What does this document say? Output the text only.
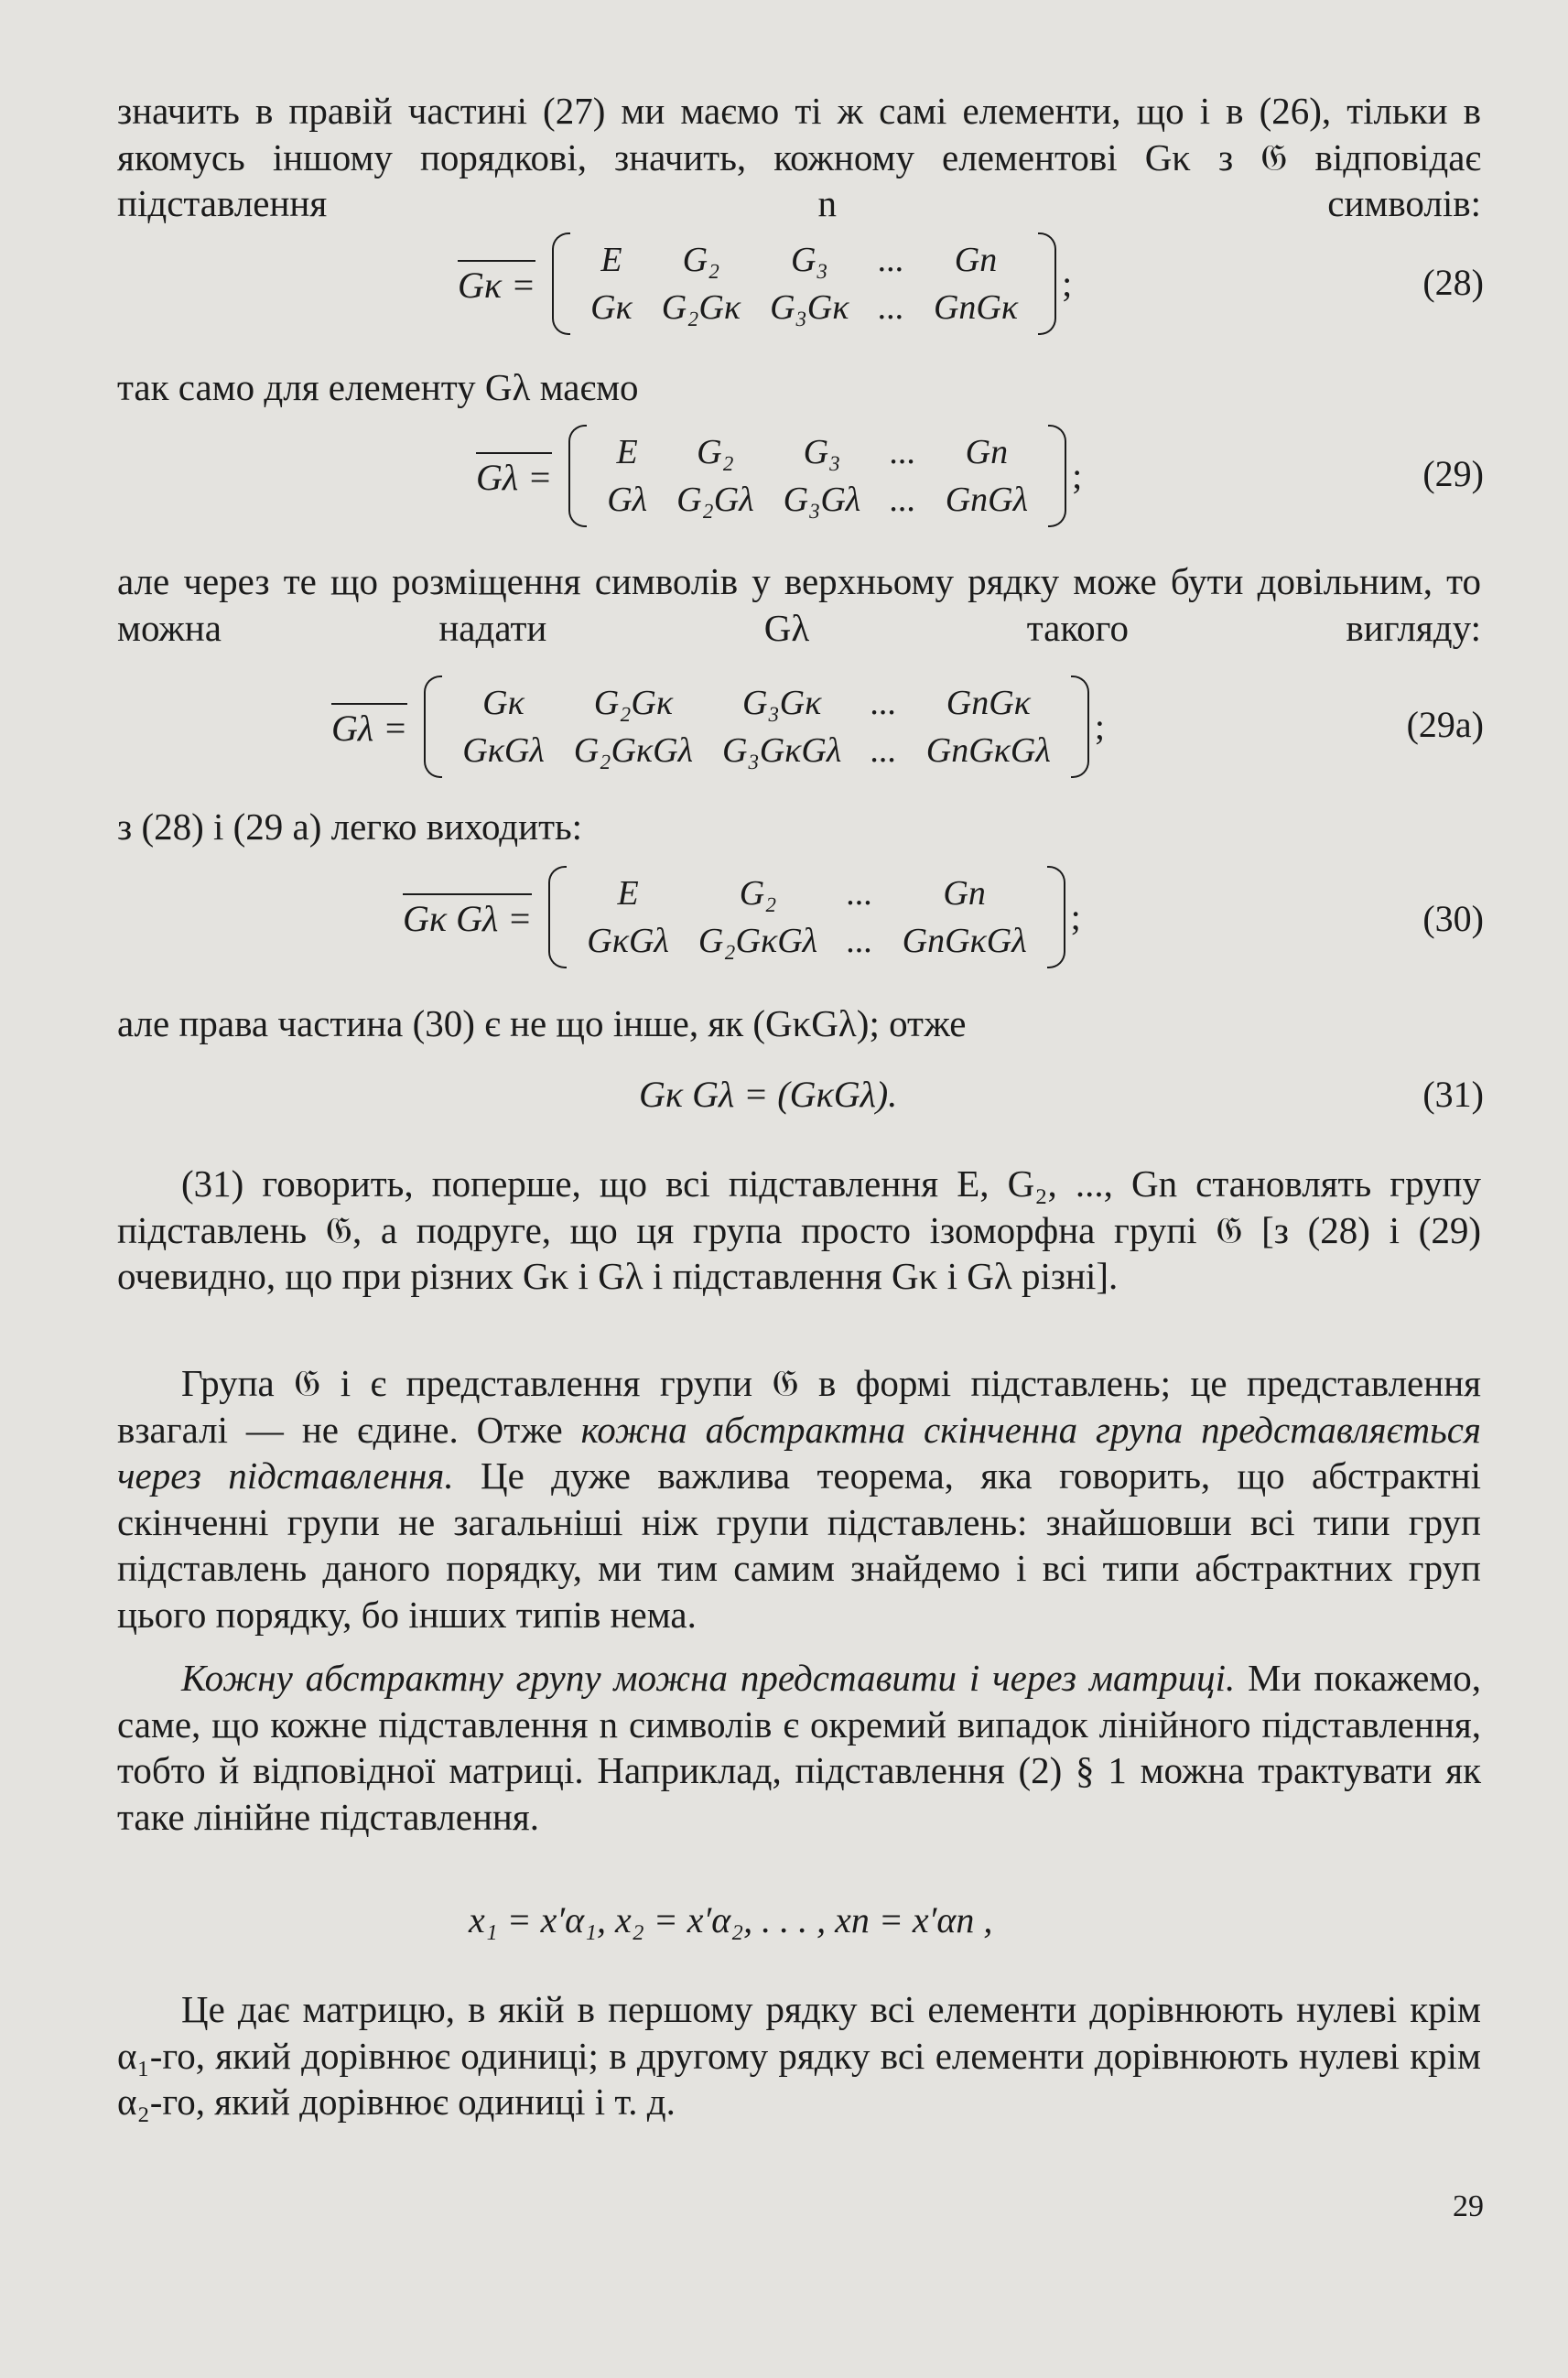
значить в правій частині (27) ми маємо ті ж самі елементи, що і в (26), тільки в якомусь іншому порядкові, значить, кожному елементові Gκ з 𝔊 відповідає підставлення n символів:
Gκ =
E	G₂	G₃	...	Gn
Gκ	G₂Gκ	G₃Gκ	...	GnGκ
;	(28)
так само для елементу Gλ маємо
Gλ =
E	G₂	G₃	...	Gn
Gλ	G₂Gλ	G₃Gλ	...	GnGλ
;	(29)
але через те що розміщення символів у верхньому рядку може бути довільним, то можна надати Gλ такого вигляду:
Gλ =
Gκ	G₂Gκ	G₃Gκ	...	GnGκ
GκGλ	G₂GκGλ	G₃GκGλ	...	GnGκGλ
;	(29а)
з (28) і (29 а) легко виходить:
Gκ Gλ =
E	G₂	...	Gn
GκGλ	G₂GκGλ	...	GnGκGλ
;	(30)
але права частина (30) є не що інше, як (GκGλ); отже
Gκ Gλ = (GκGλ).	(31)
(31) говорить, поперше, що всі підставлення E, G₂, ..., Gn становлять групу підставлень 𝔊, а подруге, що ця група просто ізоморфна групі 𝔊 [з (28) і (29) очевидно, що при різних Gκ і Gλ і підставлення Gκ і Gλ різні].
Група 𝔊 і є представлення групи 𝔊 в формі підставлень; це представлення взагалі — не єдине. Отже кожна абстрактна скінченна група представляється через підставлення. Це дуже важлива теорема, яка говорить, що абстрактні скінченні групи не загальніші ніж групи підставлень: знайшовши всі типи груп підставлень даного порядку, ми тим самим знайдемо і всі типи абстрактних груп цього порядку, бо інших типів нема.
Кожну абстрактну групу можна представити і через матриці. Ми покажемо, саме, що кожне підставлення n символів є окремий випадок лінійного підставлення, тобто й відповідної матриці. Наприклад, підставлення (2) § 1 можна трактувати як таке лінійне підставлення.
x₁ = x′α₁, x₂ = x′α₂, . . . , xn = x′αn ,
Це дає матрицю, в якій в першому рядку всі елементи дорівнюють нулеві крім α₁-го, який дорівнює одиниці; в другому рядку всі елементи дорівнюють нулеві крім α₂-го, який дорівнює одиниці і т. д.
29
